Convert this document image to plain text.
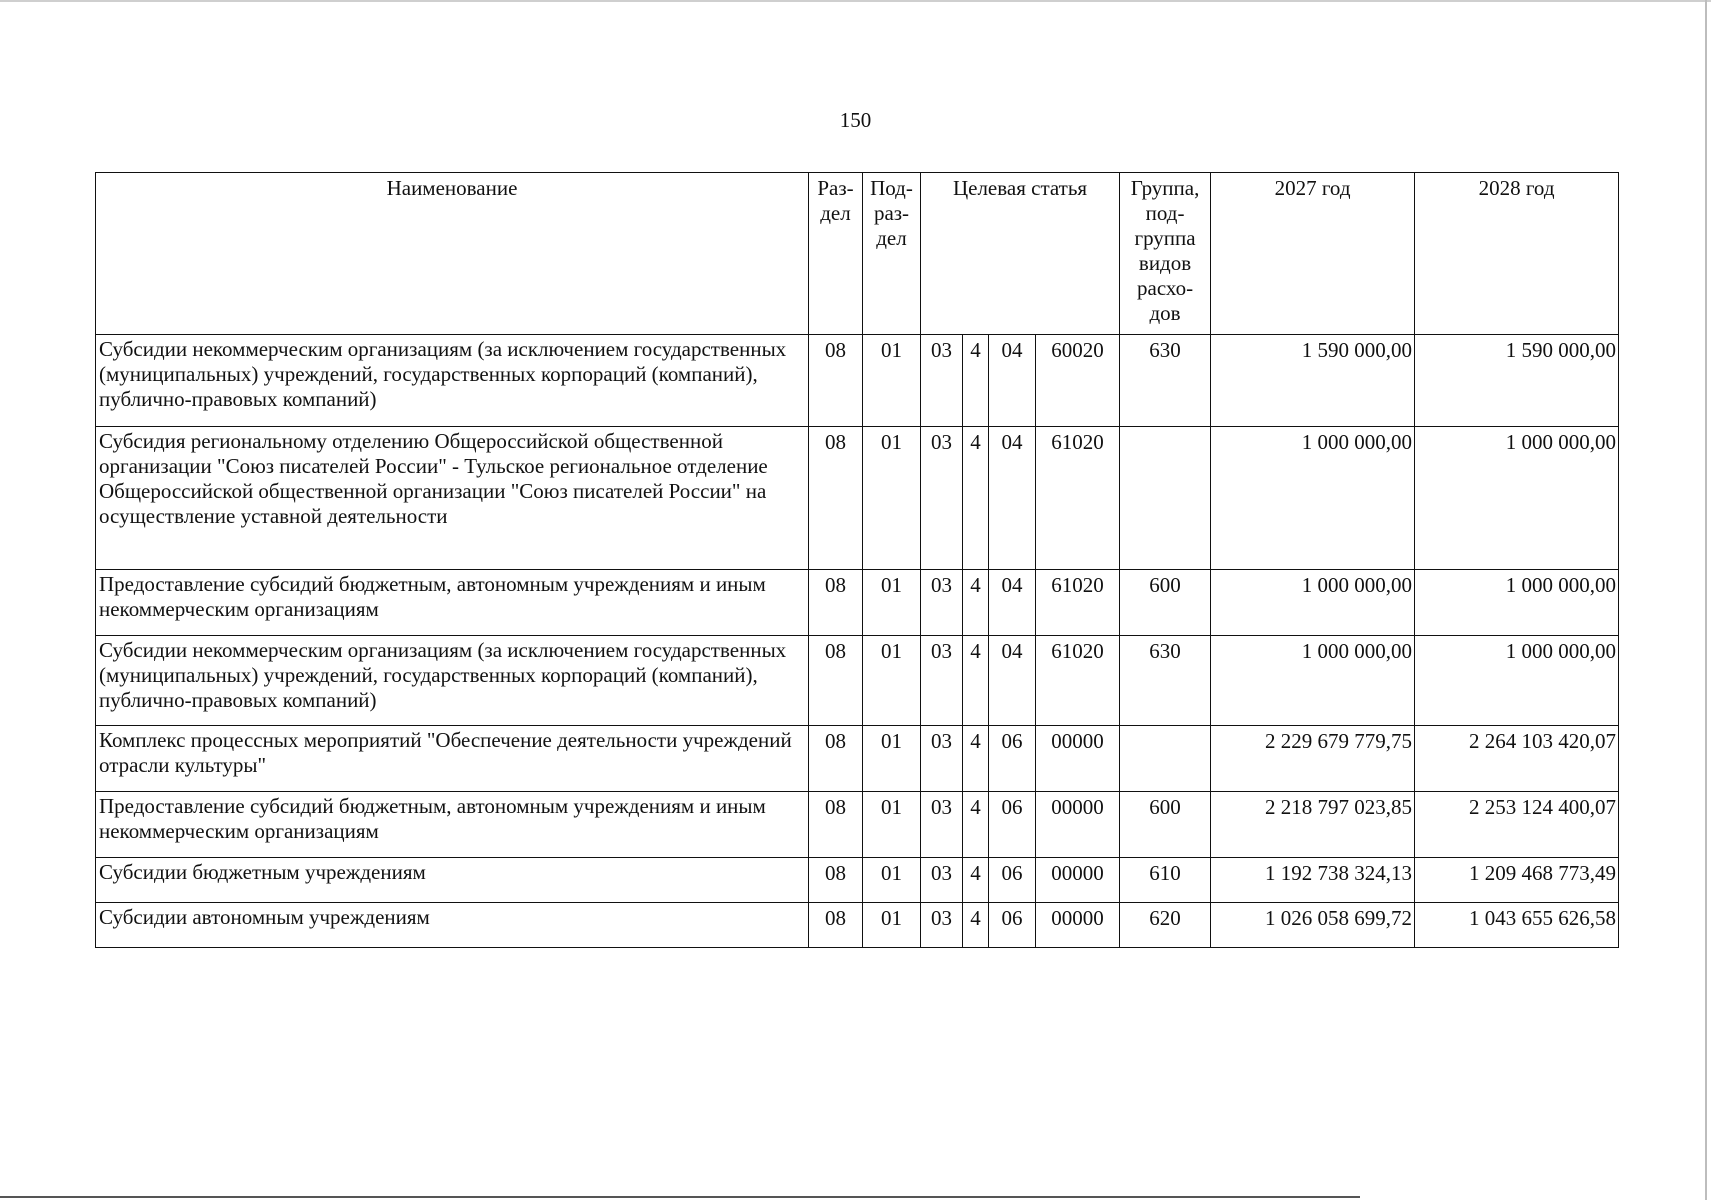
150
Наименование	Раз- дел	Под- раз- дел	Целевая статья				Группа, под- группа видов расхо- дов	2027 год	2028 год
Субсидии некоммерческим организациям (за исключением государственных (муниципальных) учреждений, государственных корпораций (компаний), публично-правовых компаний)	08	01	03	4	04	60020	630	1 590 000,00	1 590 000,00
Субсидия региональному отделению Общероссийской общественной организации "Союз писателей России" - Тульское региональное отделение Общероссийской общественной организации "Союз писателей России" на осуществление уставной деятельности	08	01	03	4	04	61020		1 000 000,00	1 000 000,00
Предоставление субсидий бюджетным, автономным учреждениям и иным некоммерческим организациям	08	01	03	4	04	61020	600	1 000 000,00	1 000 000,00
Субсидии некоммерческим организациям (за исключением государственных (муниципальных) учреждений, государственных корпораций (компаний), публично-правовых компаний)	08	01	03	4	04	61020	630	1 000 000,00	1 000 000,00
Комплекс процессных мероприятий "Обеспечение деятельности учреждений отрасли культуры"	08	01	03	4	06	00000		2 229 679 779,75	2 264 103 420,07
Предоставление субсидий бюджетным, автономным учреждениям и иным некоммерческим организациям	08	01	03	4	06	00000	600	2 218 797 023,85	2 253 124 400,07
Субсидии бюджетным учреждениям	08	01	03	4	06	00000	610	1 192 738 324,13	1 209 468 773,49
Субсидии автономным учреждениям	08	01	03	4	06	00000	620	1 026 058 699,72	1 043 655 626,58
